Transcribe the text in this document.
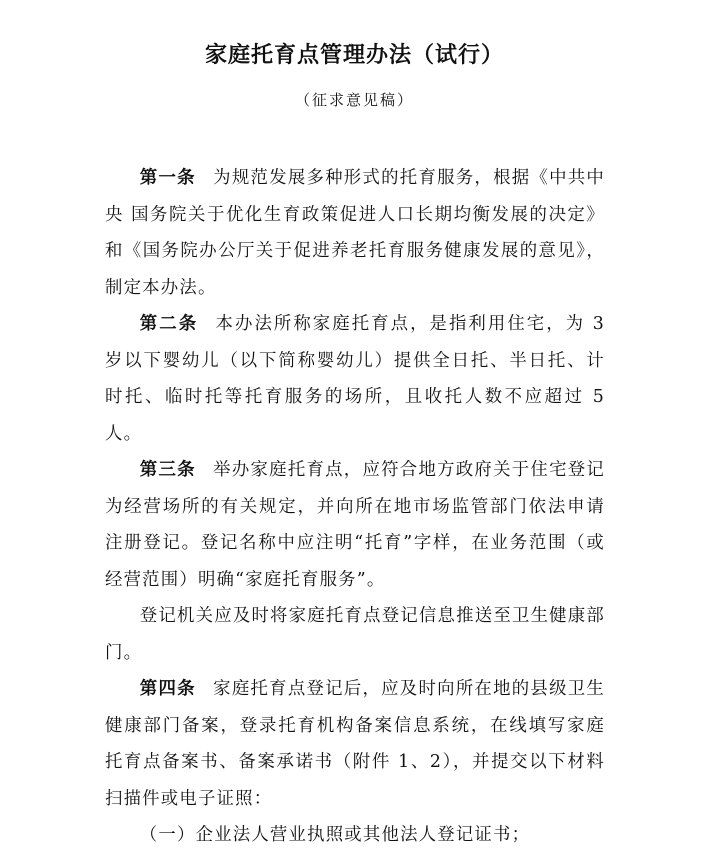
家庭托育点管理办法（试行）
（征求意见稿）

第一条 为规范发展多种形式的托育服务，根据《中共中央 国务院关于优化生育政策促进人口长期均衡发展的决定》和《国务院办公厅关于促进养老托育服务健康发展的意见》，制定本办法。

第二条 本办法所称家庭托育点，是指利用住宅，为 3 岁以下婴幼儿（以下简称婴幼儿）提供全日托、半日托、计时托、临时托等托育服务的场所，且收托人数不应超过 5 人。

第三条 举办家庭托育点，应符合地方政府关于住宅登记为经营场所的有关规定，并向所在地市场监管部门依法申请注册登记。登记名称中应注明“托育”字样，在业务范围（或经营范围）明确“家庭托育服务”。

登记机关应及时将家庭托育点登记信息推送至卫生健康部门。

第四条 家庭托育点登记后，应及时向所在地的县级卫生健康部门备案，登录托育机构备案信息系统，在线填写家庭托育点备案书、备案承诺书（附件 1、2），并提交以下材料扫描件或电子证照：

（一）企业法人营业执照或其他法人登记证书；
